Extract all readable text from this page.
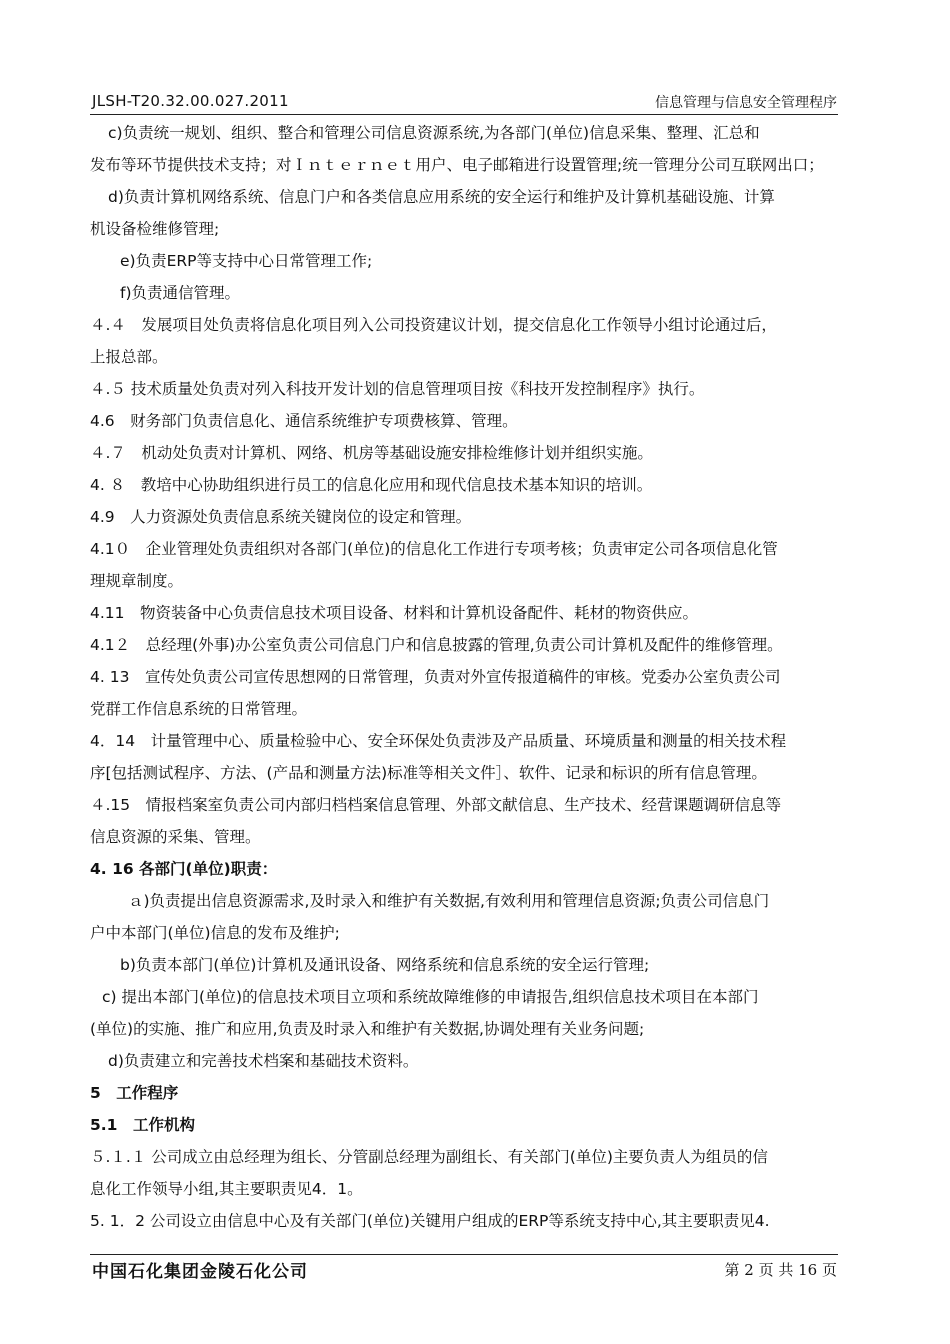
JLSH-T20.32.00.027.2011	信息管理与信息安全管理程序
c)负责统一规划、组织、整合和管理公司信息资源系统,为各部门(单位)信息采集、整理、汇总和
发布等环节提供技术支持；对Ｉｎｔｅｒｎｅｔ用户、电子邮箱进行设置管理;统一管理分公司互联网出口；
d)负责计算机网络系统、信息门户和各类信息应用系统的安全运行和维护及计算机基础设施、计算
机设备检维修管理;
e)负责ERP等支持中心日常管理工作;
f)负责通信管理。
４.４　发展项目处负责将信息化项目列入公司投资建议计划，提交信息化工作领导小组讨论通过后，
上报总部。
４.５ 技术质量处负责对列入科技开发计划的信息管理项目按《科技开发控制程序》执行。
4.6　财务部门负责信息化、通信系统维护专项费核算、管理。
４.７　机动处负责对计算机、网络、机房等基础设施安排检维修计划并组织实施。
4. ８　教培中心协助组织进行员工的信息化应用和现代信息技术基本知识的培训。
4.9　人力资源处负责信息系统关键岗位的设定和管理。
4.1０　企业管理处负责组织对各部门(单位)的信息化工作进行专项考核；负责审定公司各项信息化管
理规章制度。
4.11　物资装备中心负责信息技术项目设备、材料和计算机设备配件、耗材的物资供应。
4.1２　总经理(外事)办公室负责公司信息门户和信息披露的管理,负责公司计算机及配件的维修管理。
4. 13　宣传处负责公司宣传思想网的日常管理，负责对外宣传报道稿件的审核。党委办公室负责公司
党群工作信息系统的日常管理。
4．14　计量管理中心、质量检验中心、安全环保处负责涉及产品质量、环境质量和测量的相关技术程
序[包括测试程序、方法、(产品和测量方法)标准等相关文件］、软件、记录和标识的所有信息管理。
４.15　情报档案室负责公司内部归档档案信息管理、外部文献信息、生产技术、经营课题调研信息等
信息资源的采集、管理。
4. 16 各部门(单位)职责：
ａ)负责提出信息资源需求,及时录入和维护有关数据,有效利用和管理信息资源;负责公司信息门
户中本部门(单位)信息的发布及维护;
b)负责本部门(单位)计算机及通讯设备、网络系统和信息系统的安全运行管理;
c) 提出本部门(单位)的信息技术项目立项和系统故障维修的申请报告,组织信息技术项目在本部门
(单位)的实施、推广和应用,负责及时录入和维护有关数据,协调处理有关业务问题;
d)负责建立和完善技术档案和基础技术资料。
5　工作程序
5.1　工作机构
５.１.１ 公司成立由总经理为组长、分管副总经理为副组长、有关部门(单位)主要负责人为组员的信
息化工作领导小组,其主要职责见4．1。
5. 1．2 公司设立由信息中心及有关部门(单位)关键用户组成的ERP等系统支持中心,其主要职责见4.
中国石化集团金陵石化公司	第 2 页 共 16 页
